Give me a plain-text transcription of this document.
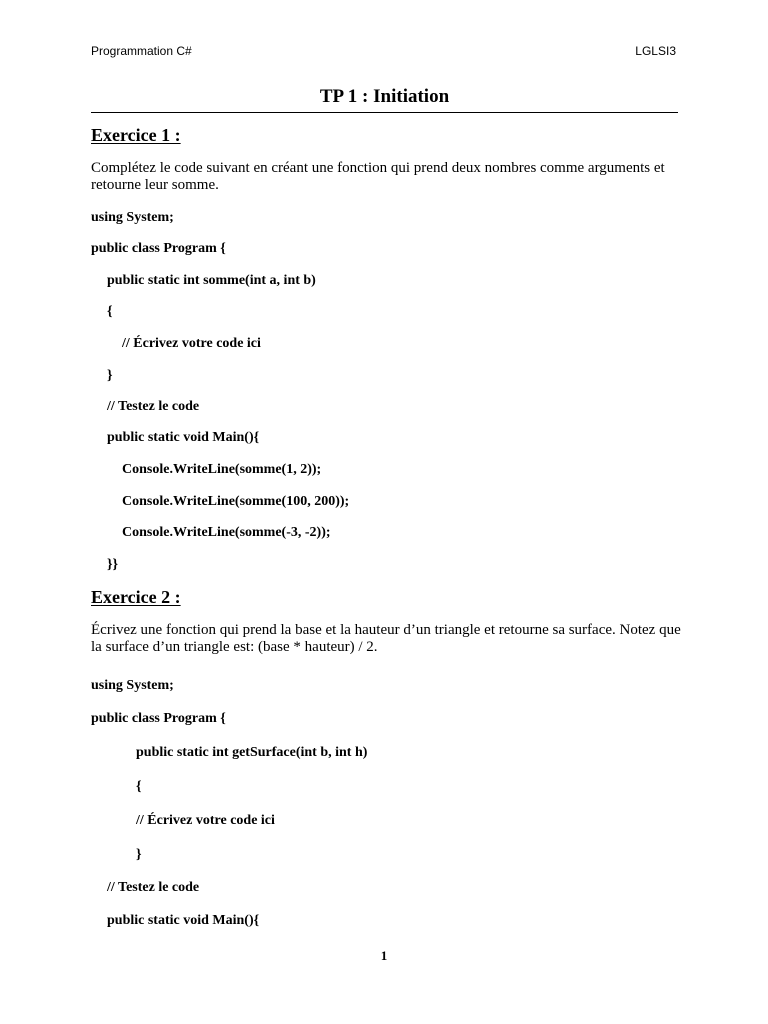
Programmation C#	LGLSI3
TP 1 : Initiation
Exercice 1 :

Complétez le code suivant en créant une fonction qui prend deux nombres comme arguments et retourne leur somme.

using System;
public class Program {
public static int somme(int a, int b)
{
// Écrivez votre code ici
}
// Testez le code
public static void Main(){
Console.WriteLine(somme(1, 2));
Console.WriteLine(somme(100, 200));
Console.WriteLine(somme(-3, -2));
}}
Exercice 2 :

Écrivez une fonction qui prend la base et la hauteur d’un triangle et retourne sa surface. Notez que la surface d’un triangle est: (base * hauteur) / 2.

using System;
public class Program {
public static int getSurface(int b, int h)
{
// Écrivez votre code ici
}
// Testez le code
public static void Main(){
1
